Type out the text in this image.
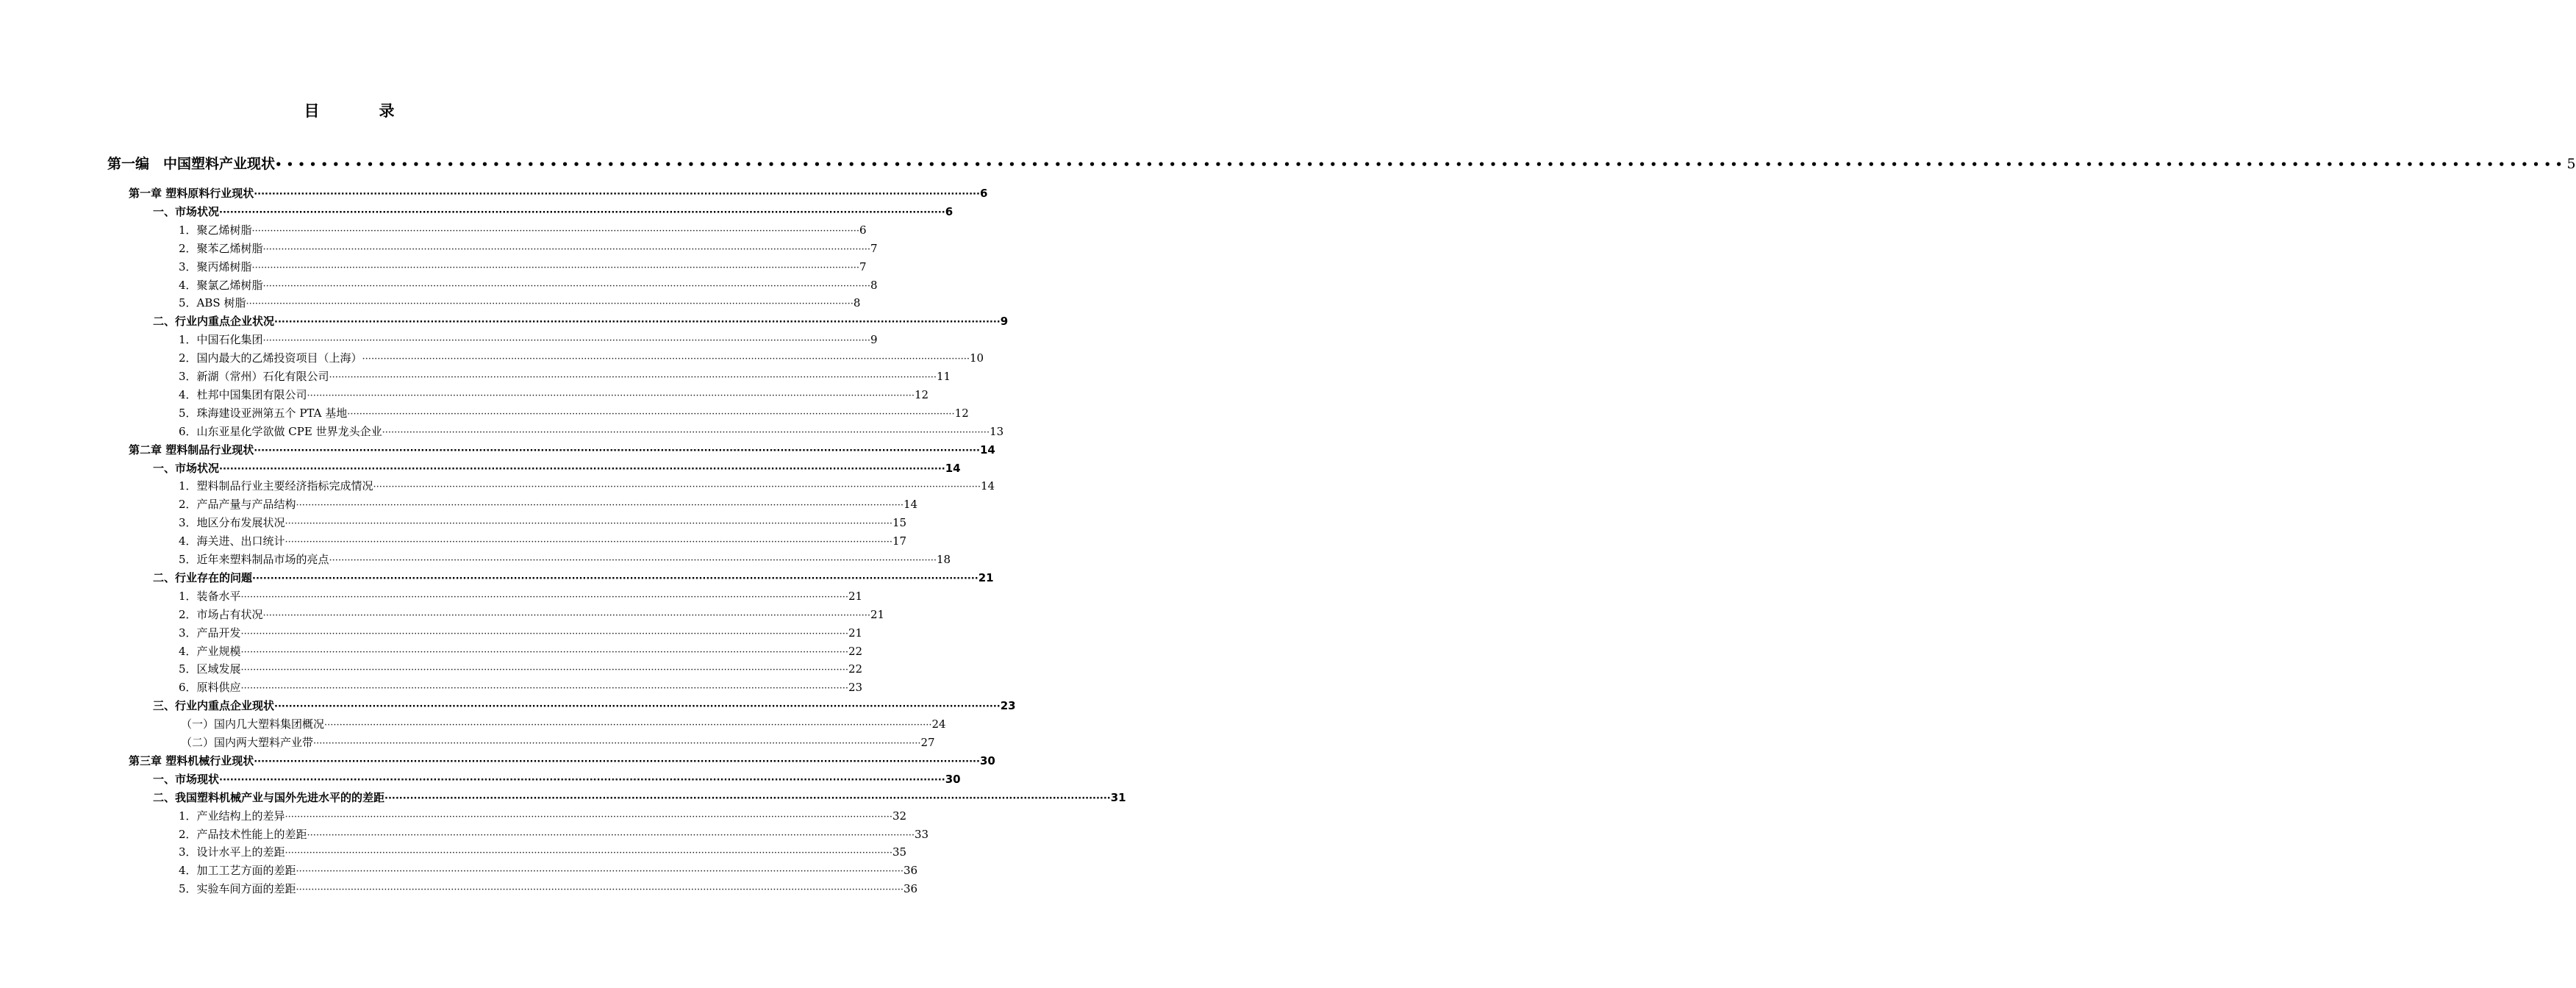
目　录
第一编　中国塑料产业现状 •••••••••••••••••••••••••••••••••••••••••••••••••••••••••••••••••••••••••••••••••••••••••••••••••••••••••••••••••••••••••••••••••••••••••••••••••••••••••••••••••••••••••••••••••••••••••••••••••••••••• 5
第一章 塑料原料行业现状 ········································································································································································································ 6
一、市场状况 ········································································································································································································ 6
1．聚乙烯树脂 ········································································································································································································ 6
2．聚苯乙烯树脂 ········································································································································································································ 7
3．聚丙烯树脂 ········································································································································································································ 7
4．聚氯乙烯树脂 ········································································································································································································ 8
5．ABS 树脂 ········································································································································································································ 8
二、行业内重点企业状况 ········································································································································································································ 9
1．中国石化集团 ········································································································································································································ 9
2．国内最大的乙烯投资项目（上海） ········································································································································································································ 10
3．新湖（常州）石化有限公司 ········································································································································································································ 11
4．杜邦中国集团有限公司 ········································································································································································································ 12
5．珠海建设亚洲第五个 PTA 基地 ········································································································································································································ 12
6．山东亚星化学欲做 CPE 世界龙头企业 ········································································································································································································ 13
第二章 塑料制品行业现状 ········································································································································································································ 14
一、市场状况 ········································································································································································································ 14
1．塑料制品行业主要经济指标完成情况 ········································································································································································································ 14
2．产品产量与产品结构 ········································································································································································································ 14
3．地区分布发展状况 ········································································································································································································ 15
4．海关进、出口统计 ········································································································································································································ 17
5．近年来塑料制品市场的亮点 ········································································································································································································ 18
二、行业存在的问题 ········································································································································································································ 21
1．装备水平 ········································································································································································································ 21
2．市场占有状况 ········································································································································································································ 21
3．产品开发 ········································································································································································································ 21
4．产业规模 ········································································································································································································ 22
5．区域发展 ········································································································································································································ 22
6．原料供应 ········································································································································································································ 23
三、行业内重点企业现状 ········································································································································································································ 23
（一）国内几大塑料集团概况 ········································································································································································································ 24
（二）国内两大塑料产业带 ········································································································································································································ 27
第三章 塑料机械行业现状 ········································································································································································································ 30
一、市场现状 ········································································································································································································ 30
二、我国塑料机械产业与国外先进水平的的差距 ········································································································································································································ 31
1．产业结构上的差异 ········································································································································································································ 32
2．产品技术性能上的差距 ········································································································································································································ 33
3．设计水平上的差距 ········································································································································································································ 35
4．加工工艺方面的差距 ········································································································································································································ 36
5．实验车间方面的差距 ········································································································································································································ 36
